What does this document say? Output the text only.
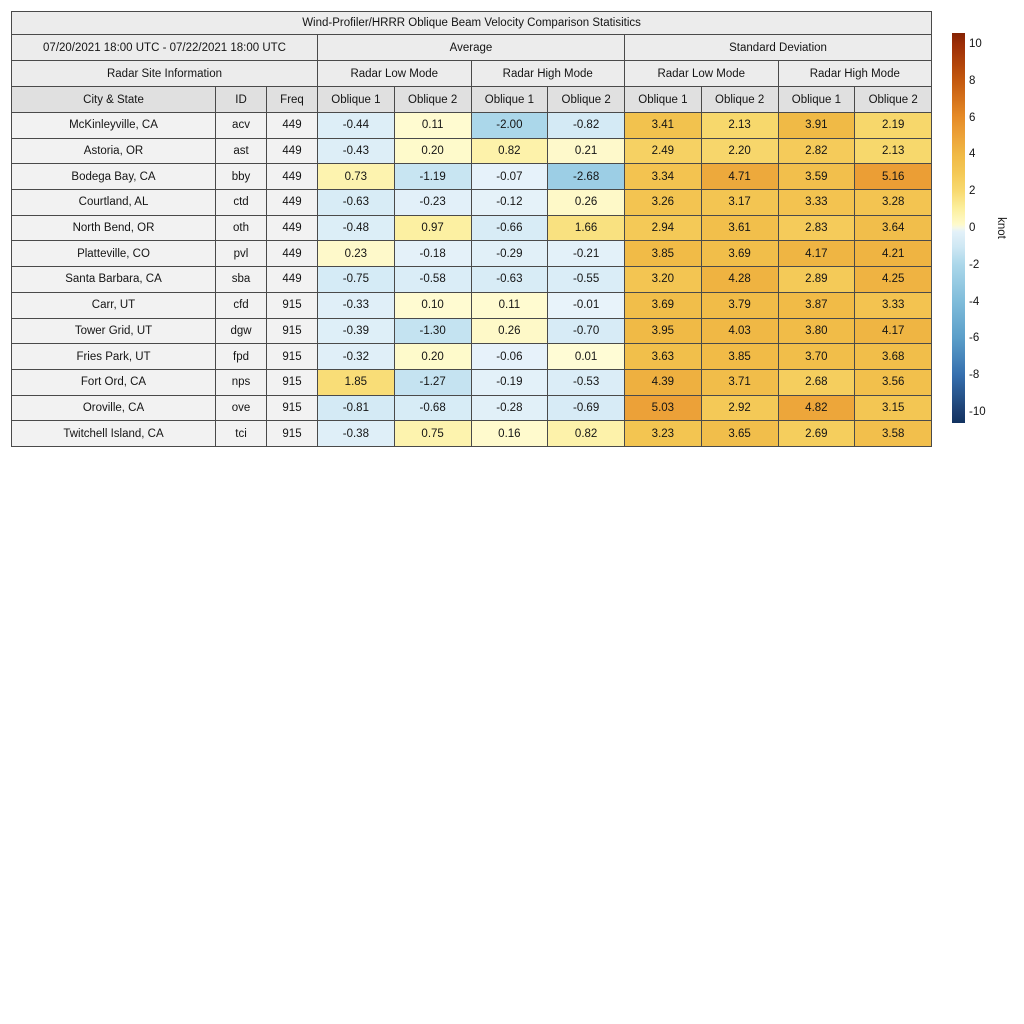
Wind-Profiler/HRRR Oblique Beam Velocity Comparison Statisitics										
07/20/2021 18:00 UTC - 07/22/2021 18:00 UTC			Average				Standard Deviation			
Radar Site Information			Radar Low Mode		Radar High Mode		Radar Low Mode		Radar High Mode	
City & State	ID	Freq	Oblique 1	Oblique 2	Oblique 1	Oblique 2	Oblique 1	Oblique 2	Oblique 1	Oblique 2
McKinleyville, CA	acv	449	-0.44	0.11	-2.00	-0.82	3.41	2.13	3.91	2.19
Astoria, OR	ast	449	-0.43	0.20	0.82	0.21	2.49	2.20	2.82	2.13
Bodega Bay, CA	bby	449	0.73	-1.19	-0.07	-2.68	3.34	4.71	3.59	5.16
Courtland, AL	ctd	449	-0.63	-0.23	-0.12	0.26	3.26	3.17	3.33	3.28
North Bend, OR	oth	449	-0.48	0.97	-0.66	1.66	2.94	3.61	2.83	3.64
Platteville, CO	pvl	449	0.23	-0.18	-0.29	-0.21	3.85	3.69	4.17	4.21
Santa Barbara, CA	sba	449	-0.75	-0.58	-0.63	-0.55	3.20	4.28	2.89	4.25
Carr, UT	cfd	915	-0.33	0.10	0.11	-0.01	3.69	3.79	3.87	3.33
Tower Grid, UT	dgw	915	-0.39	-1.30	0.26	-0.70	3.95	4.03	3.80	4.17
Fries Park, UT	fpd	915	-0.32	0.20	-0.06	0.01	3.63	3.85	3.70	3.68
Fort Ord, CA	nps	915	1.85	-1.27	-0.19	-0.53	4.39	3.71	2.68	3.56
Oroville, CA	ove	915	-0.81	-0.68	-0.28	-0.69	5.03	2.92	4.82	3.15
Twitchell Island, CA	tci	915	-0.38	0.75	0.16	0.82	3.23	3.65	2.69	3.58
10
8
6
4
2
0
-2
-4
-6
-8
-10
knot
